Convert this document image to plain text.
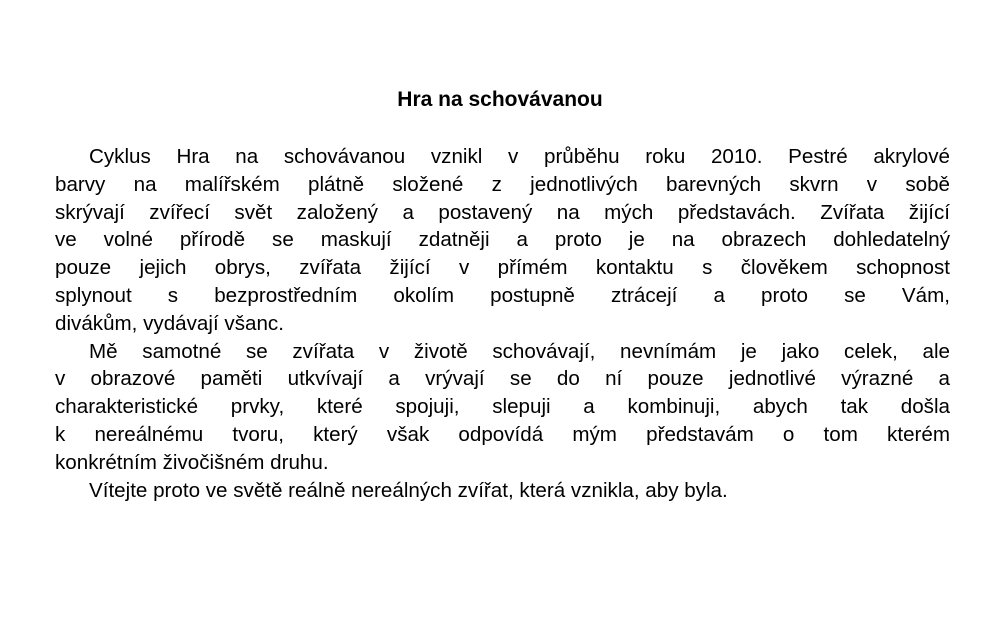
Hra na schovávanou
Cyklus Hra na schovávanou vznikl v průběhu roku 2010. Pestré akrylové
barvy na malířském plátně složené z jednotlivých barevných skvrn v sobě
skrývají zvířecí svět založený a postavený na mých představách. Zvířata žijící
ve volné přírodě se maskují zdatněji a proto je na obrazech dohledatelný
pouze jejich obrys, zvířata žijící v přímém kontaktu s člověkem schopnost
splynout s bezprostředním okolím postupně ztrácejí a proto se Vám,
divákům, vydávají všanc.
Mě samotné se zvířata v životě schovávají, nevnímám je jako celek, ale
v obrazové paměti utkvívají a vrývají se do ní pouze jednotlivé výrazné a
charakteristické prvky, které spojuji, slepuji a kombinuji, abych tak došla
k nereálnému tvoru, který však odpovídá mým představám o tom kterém
konkrétním živočišném druhu.
Vítejte proto ve světě reálně nereálných zvířat, která vznikla, aby byla.
